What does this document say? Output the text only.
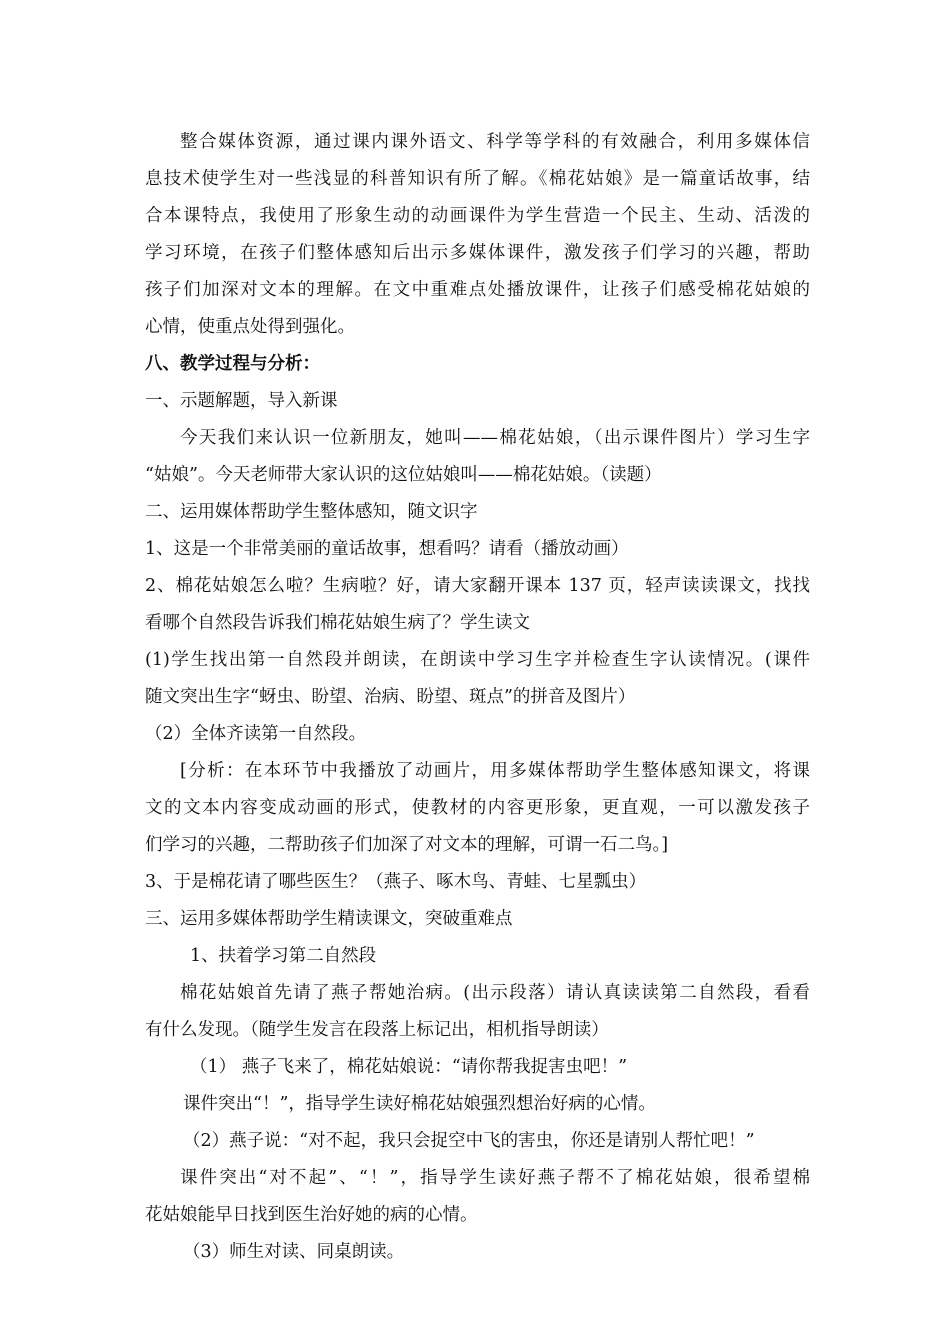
整合媒体资源，通过课内课外语文、科学等学科的有效融合，利用多媒体信
息技术使学生对一些浅显的科普知识有所了解。《棉花姑娘》是一篇童话故事，结
合本课特点，我使用了形象生动的动画课件为学生营造一个民主、生动、活泼的
学习环境，在孩子们整体感知后出示多媒体课件，激发孩子们学习的兴趣，帮助
孩子们加深对文本的理解。在文中重难点处播放课件，让孩子们感受棉花姑娘的
心情，使重点处得到强化。
八、教学过程与分析：
一、示题解题，导入新课
今天我们来认识一位新朋友，她叫——棉花姑娘，（出示课件图片）学习生字
“姑娘”。今天老师带大家认识的这位姑娘叫——棉花姑娘。（读题）
二、运用媒体帮助学生整体感知，随文识字
1、这是一个非常美丽的童话故事，想看吗？请看（播放动画）
2、棉花姑娘怎么啦？生病啦？好，请大家翻开课本 137 页，轻声读读课文，找找
看哪个自然段告诉我们棉花姑娘生病了？学生读文
(1)学生找出第一自然段并朗读，在朗读中学习生字并检查生字认读情况。(课件
随文突出生字“蚜虫、盼望、治病、盼望、斑点”的拼音及图片）
（2）全体齐读第一自然段。
[分析：在本环节中我播放了动画片，用多媒体帮助学生整体感知课文，将课
文的文本内容变成动画的形式，使教材的内容更形象，更直观，一可以激发孩子
们学习的兴趣，二帮助孩子们加深了对文本的理解，可谓一石二鸟。]
3、于是棉花请了哪些医生？（燕子、啄木鸟、青蛙、七星瓢虫）
三、运用多媒体帮助学生精读课文，突破重难点
1、扶着学习第二自然段
棉花姑娘首先请了燕子帮她治病。(出示段落）请认真读读第二自然段，看看
有什么发现。（随学生发言在段落上标记出，相机指导朗读）
（1） 燕子飞来了，棉花姑娘说：“请你帮我捉害虫吧！”
课件突出“！”，指导学生读好棉花姑娘强烈想治好病的心情。
（2）燕子说：“对不起，我只会捉空中飞的害虫，你还是请别人帮忙吧！”
课件突出“对不起”、“！”，指导学生读好燕子帮不了棉花姑娘，很希望棉
花姑娘能早日找到医生治好她的病的心情。
（3）师生对读、同桌朗读。
